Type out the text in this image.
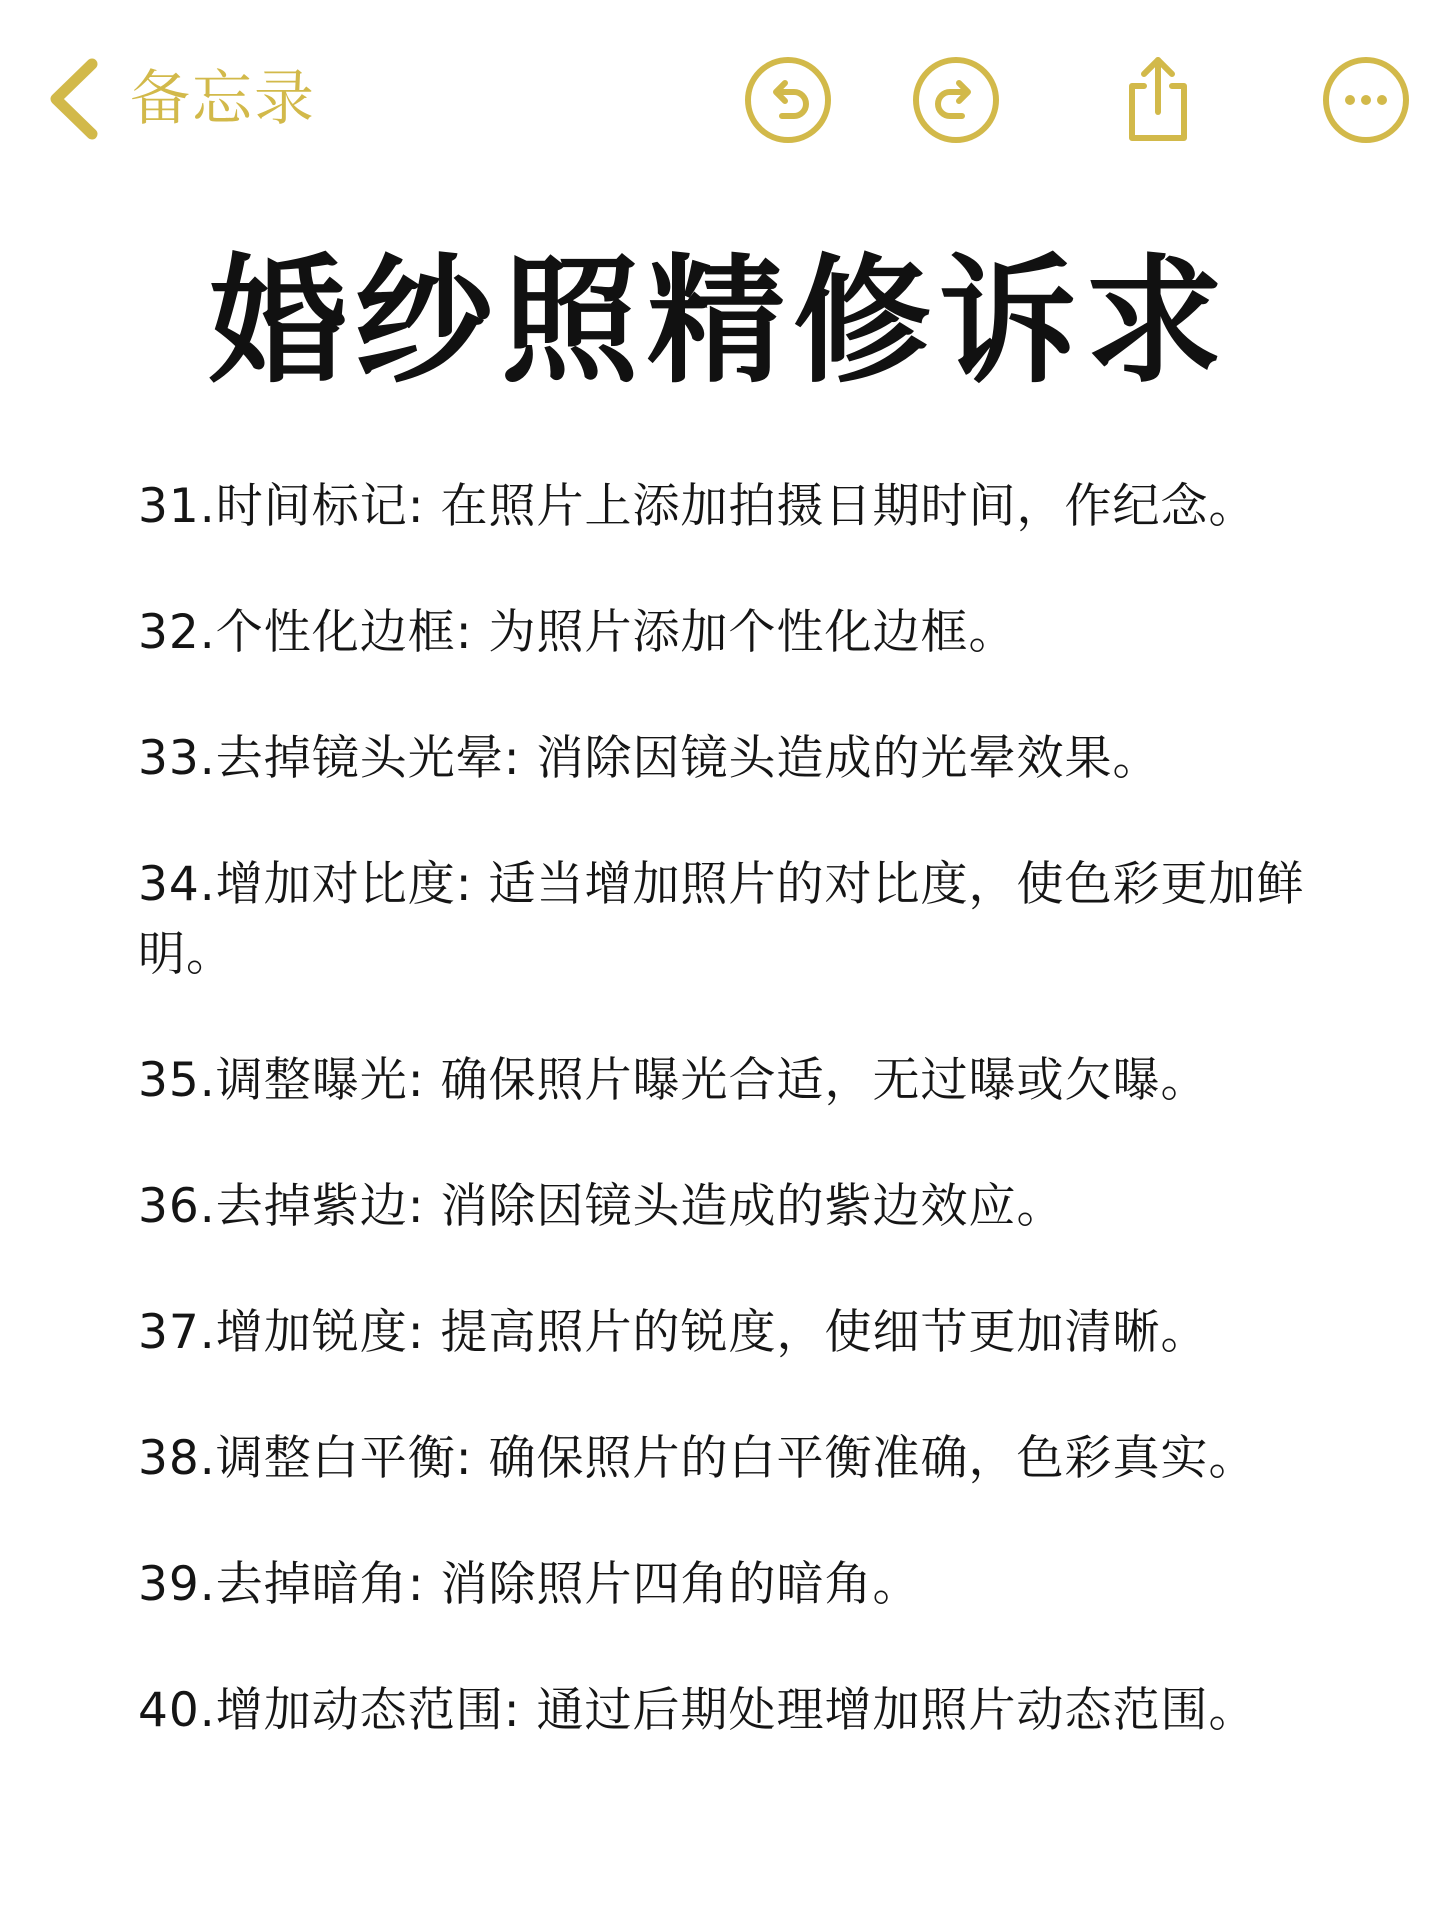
备忘录
婚纱照精修诉求
31.时间标记: 在照片上添加拍摄日期时间，作纪念。
32.个性化边框: 为照片添加个性化边框。
33.去掉镜头光晕: 消除因镜头造成的光晕效果。
34.增加对比度: 适当增加照片的对比度，使色彩更加鲜明。
35.调整曝光: 确保照片曝光合适，无过曝或欠曝。
36.去掉紫边: 消除因镜头造成的紫边效应。
37.增加锐度: 提高照片的锐度，使细节更加清晰。
38.调整白平衡: 确保照片的白平衡准确，色彩真实。
39.去掉暗角: 消除照片四角的暗角。
40.增加动态范围: 通过后期处理增加照片动态范围。
